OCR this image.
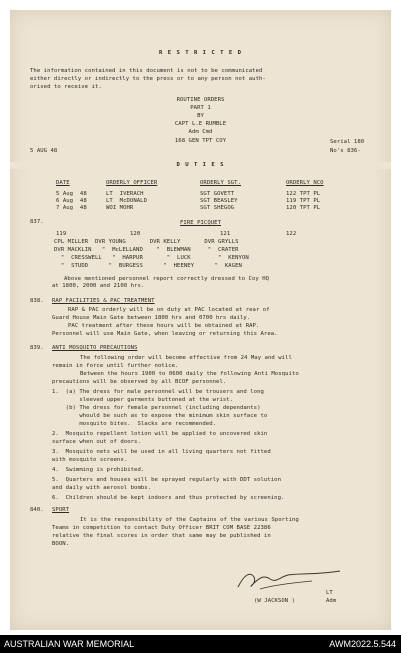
R E S T R I C T E D
The information contained in this document is not to be communicated
either directly or indirectly to the press or to any person not auth-
orised to receive it.
ROUTINE ORDERS
PART 1
BY
CAPT L.E RUMBLE
Adm Cmd
168 GEN TPT COY
5 AUG 48
Serial 180
No's 836-
D U T I E S
DATE	ORDERLY OFFICER	ORDERLY SGT.	ORDERLY NCO
5 Aug  48	LT  IVERACH	SGT GOVETT	122 TPT PL
6 Aug  48	LT  McDONALD	SGT BEASLEY	119 TPT PL
7 Aug  48	WOI MOHR	SGT SHEGOG	120 TPT PL
837.	FIRE PICQUET
119	120	121	122
CPL MILLER  DVR YOUNG       DVR KELLY       DVR GRYLLS
DVR MACKLIN   "  McLELLAND    "  BLEWMAN     "  CRATER
"  CRESSWELL   "  HARPUR       "  LUCK        "  KENYON
"  STUDD      "  BURGESS      "  HEENEY      "  KAGEN
Above mentioned personnel report correctly dressed to Coy HQ
at 1800, 2000 and 2100 hrs.
838. RAP FACILITIES & PAC TREATMENT
RAP & PAC orderly will be on duty at PAC located at rear of
Guard House Main Gate between 1800 hrs and 0700 hrs daily.
PAC treatment after these hours will be obtained at RAP.
Personnel will use Main Gate, when leaving or returning this Area.
839. ANTI MOSQUITO PRECAUTIONS
The following order will become effective from 24 May and will
remain in force until further notice.
Between the hours 1900 to 0600 daily the following Anti Mosquito
precautions will be observed by all BCOF personnel.
1.  (a) The dress for male personnel will be trousers and long
sleeved upper garments buttoned at the wrist.
(b) The dress for female personnel (including dependants)
whould be such as to expose the minimum skin surface to
mosquito bites.  Slacks are recommended.
2.  Mosquito repellent lotion will be applied to uncovered skin
surface when out of doors.
3.  Mosquito nets will be used in all living quarters not fitted
with mosquito screens.
4.  Swimming is prohibited.
5.  Quarters and houses will be sprayed regularly with DDT solution
and daily with aerosol bombs.
6.  Children should be kept indoors and thus protected by screening.
840. SPORT
It is the responsibility of the Captains of the various Sporting
Teams in competition to contact Duty Officer BRIT COM BASE 22386
relative the final scores in order that same may be published in
BOON.
LT
(W JACKSON )	Adm
AUSTRALIAN WAR MEMORIAL	AWM2022.5.544
